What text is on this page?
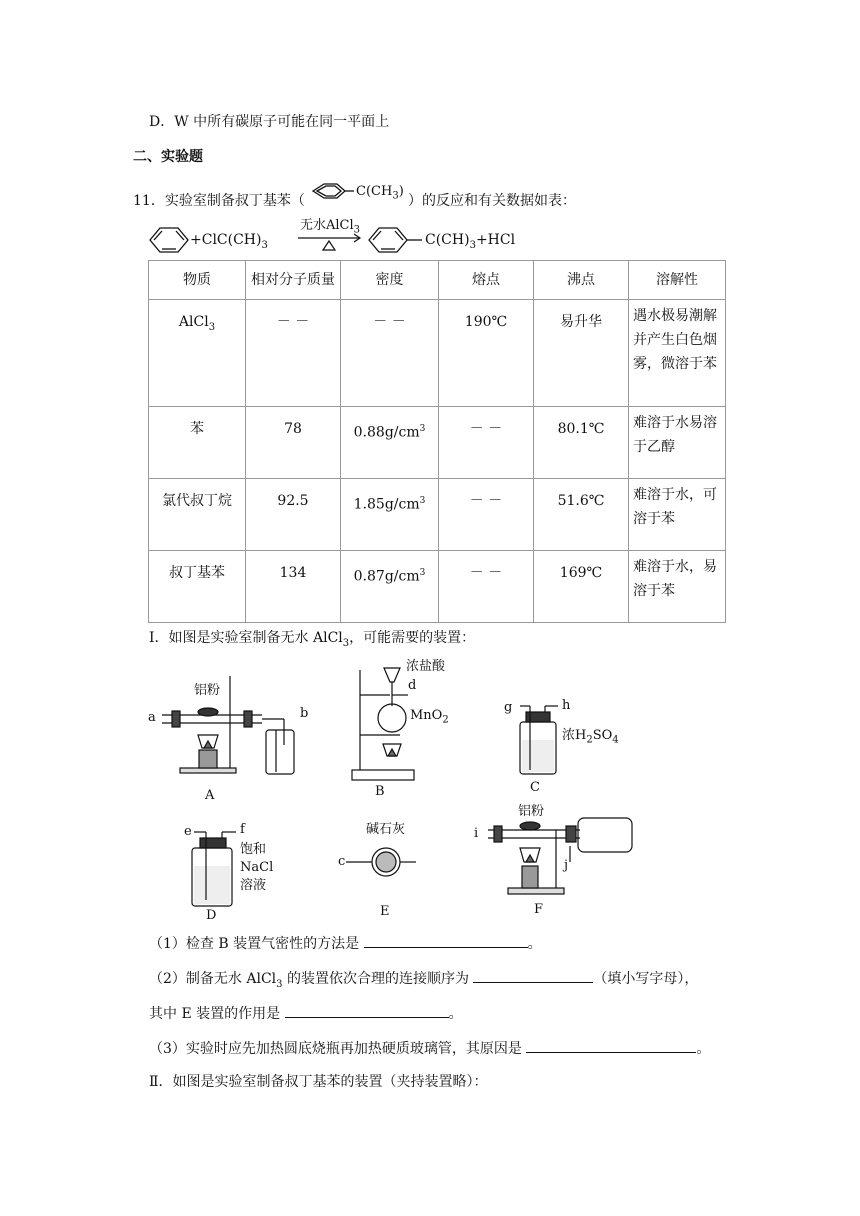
D．W 中所有碳原子可能在同一平面上
二、实验题
11．实验室制备叔丁基苯（
$C(CH_3)$
）的反应和有关数据如表：
$+ClC(CH)_3$
无水AlCl$_3$
$C(CH)_3+HCl$
物质	相对分子质量	密度	熔点	沸点	溶解性
AlCl$_3$	－ －	－ －	190℃	易升华	遇水极易潮解并产生白色烟雾，微溶于苯
苯	78	$0.88g/cm^3$	－ －	80.1℃	难溶于水易溶于乙醇
氯代叔丁烷	92.5	$1.85g/cm^3$	－ －	51.6℃	难溶于水，可溶于苯
叔丁基苯	134	$0.87g/cm^3$	－ －	169℃	难溶于水，易溶于苯
Ⅰ．如图是实验室制备无水 AlCl$_3$，可能需要的装置：
铝粉
a	b
A
浓盐酸
d
MnO$_2$
B
g	h
浓$H_2SO_4$
C
e	f
饱和
NaCl
溶液
D
碱石灰
c
E
铝粉
i
j
F
（1）检查 B 装置气密性的方法是	。
（2）制备无水 AlCl$_3$ 的装置依次合理的连接顺序为	（填小写字母），
其中 E 装置的作用是	。
（3）实验时应先加热圆底烧瓶再加热硬质玻璃管，其原因是	。
Ⅱ．如图是实验室制备叔丁基苯的装置（夹持装置略）：
